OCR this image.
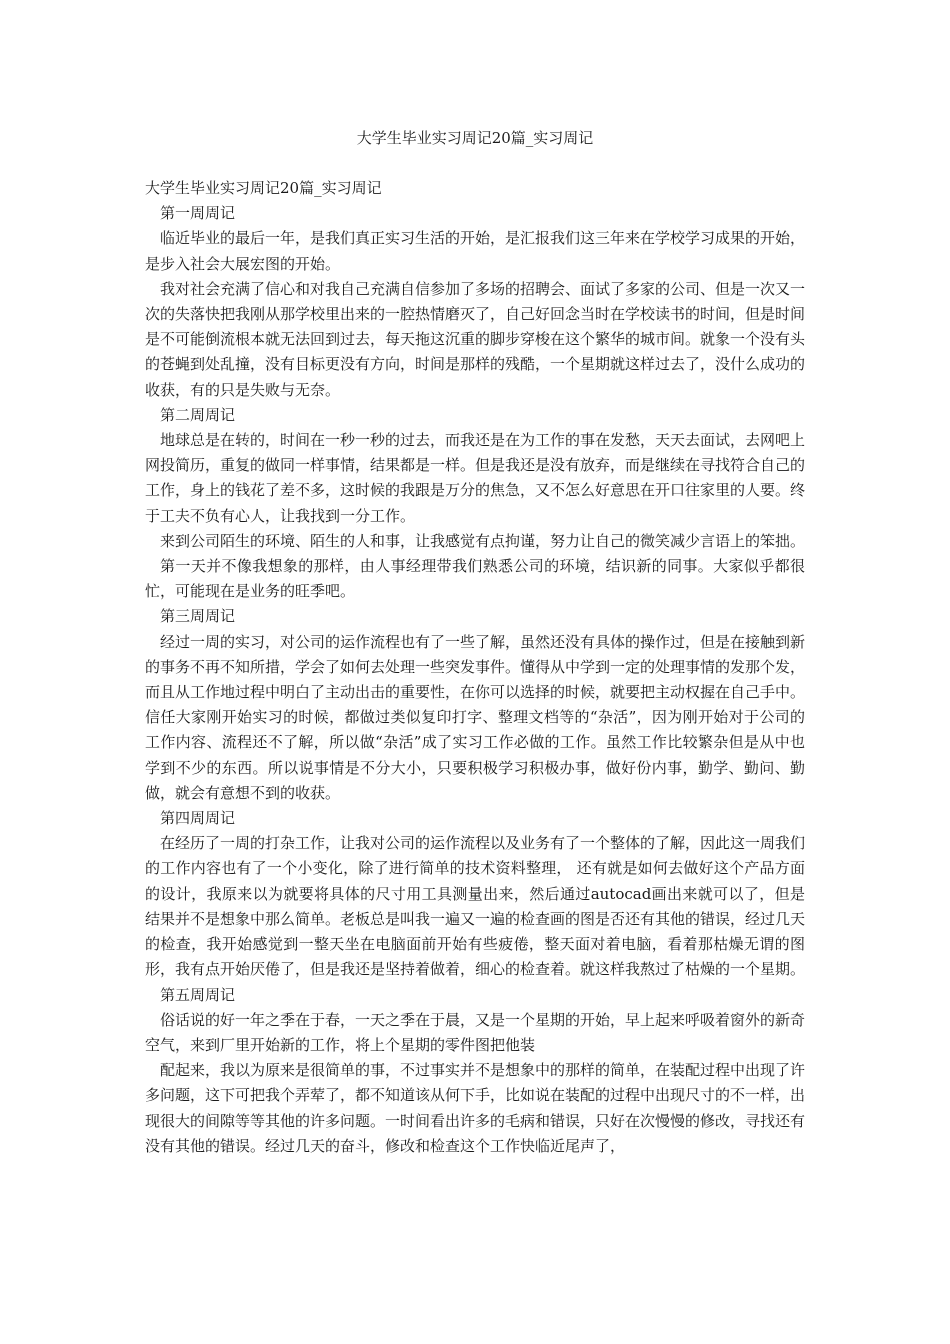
大学生毕业实习周记20篇_实习周记

大学生毕业实习周记20篇_实习周记

第一周周记

临近毕业的最后一年，是我们真正实习生活的开始，是汇报我们这三年来在学校学习成果的开始，是步入社会大展宏图的开始。

我对社会充满了信心和对我自己充满自信参加了多场的招聘会、面试了多家的公司、但是一次又一次的失落快把我刚从那学校里出来的一腔热情磨灭了，自己好回念当时在学校读书的时间，但是时间是不可能倒流根本就无法回到过去，每天拖这沉重的脚步穿梭在这个繁华的城市间。就象一个没有头的苍蝇到处乱撞，没有目标更没有方向，时间是那样的残酷，一个星期就这样过去了，没什么成功的收获，有的只是失败与无奈。

第二周周记

地球总是在转的，时间在一秒一秒的过去，而我还是在为工作的事在发愁，天天去面试，去网吧上网投简历，重复的做同一样事情，结果都是一样。但是我还是没有放弃，而是继续在寻找符合自己的工作，身上的钱花了差不多，这时候的我跟是万分的焦急，又不怎么好意思在开口往家里的人要。终于工夫不负有心人，让我找到一分工作。

来到公司陌生的环境、陌生的人和事，让我感觉有点拘谨，努力让自己的微笑减少言语上的笨拙。

第一天并不像我想象的那样，由人事经理带我们熟悉公司的环境，结识新的同事。大家似乎都很忙，可能现在是业务的旺季吧。

第三周周记

经过一周的实习，对公司的运作流程也有了一些了解，虽然还没有具体的操作过，但是在接触到新的事务不再不知所措，学会了如何去处理一些突发事件。懂得从中学到一定的处理事情的发那个发，而且从工作地过程中明白了主动出击的重要性，在你可以选择的时候，就要把主动权握在自己手中。信任大家刚开始实习的时候，都做过类似复印打字、整理文档等的“杂活”，因为刚开始对于公司的工作内容、流程还不了解，所以做“杂活”成了实习工作必做的工作。虽然工作比较繁杂但是从中也学到不少的东西。所以说事情是不分大小，只要积极学习积极办事，做好份内事，勤学、勤问、勤做，就会有意想不到的收获。

第四周周记

在经历了一周的打杂工作，让我对公司的运作流程以及业务有了一个整体的了解，因此这一周我们的工作内容也有了一个小变化，除了进行简单的技术资料整理， 还有就是如何去做好这个产品方面的设计，我原来以为就要将具体的尺寸用工具测量出来，然后通过autocad画出来就可以了，但是结果并不是想象中那么简单。老板总是叫我一遍又一遍的检查画的图是否还有其他的错误，经过几天的检查，我开始感觉到一整天坐在电脑面前开始有些疲倦，整天面对着电脑，看着那枯燥无谓的图形，我有点开始厌倦了，但是我还是坚持着做着，细心的检查着。就这样我熬过了枯燥的一个星期。

第五周周记

俗话说的好一年之季在于春，一天之季在于晨，又是一个星期的开始，早上起来呼吸着窗外的新奇空气，来到厂里开始新的工作，将上个星期的零件图把他装

配起来，我以为原来是很简单的事，不过事实并不是想象中的那样的简单，在装配过程中出现了许多问题，这下可把我个弄荤了，都不知道该从何下手，比如说在装配的过程中出现尺寸的不一样，出现很大的间隙等等其他的许多问题。一时间看出许多的毛病和错误，只好在次慢慢的修改，寻找还有没有其他的错误。经过几天的奋斗，修改和检查这个工作快临近尾声了，
